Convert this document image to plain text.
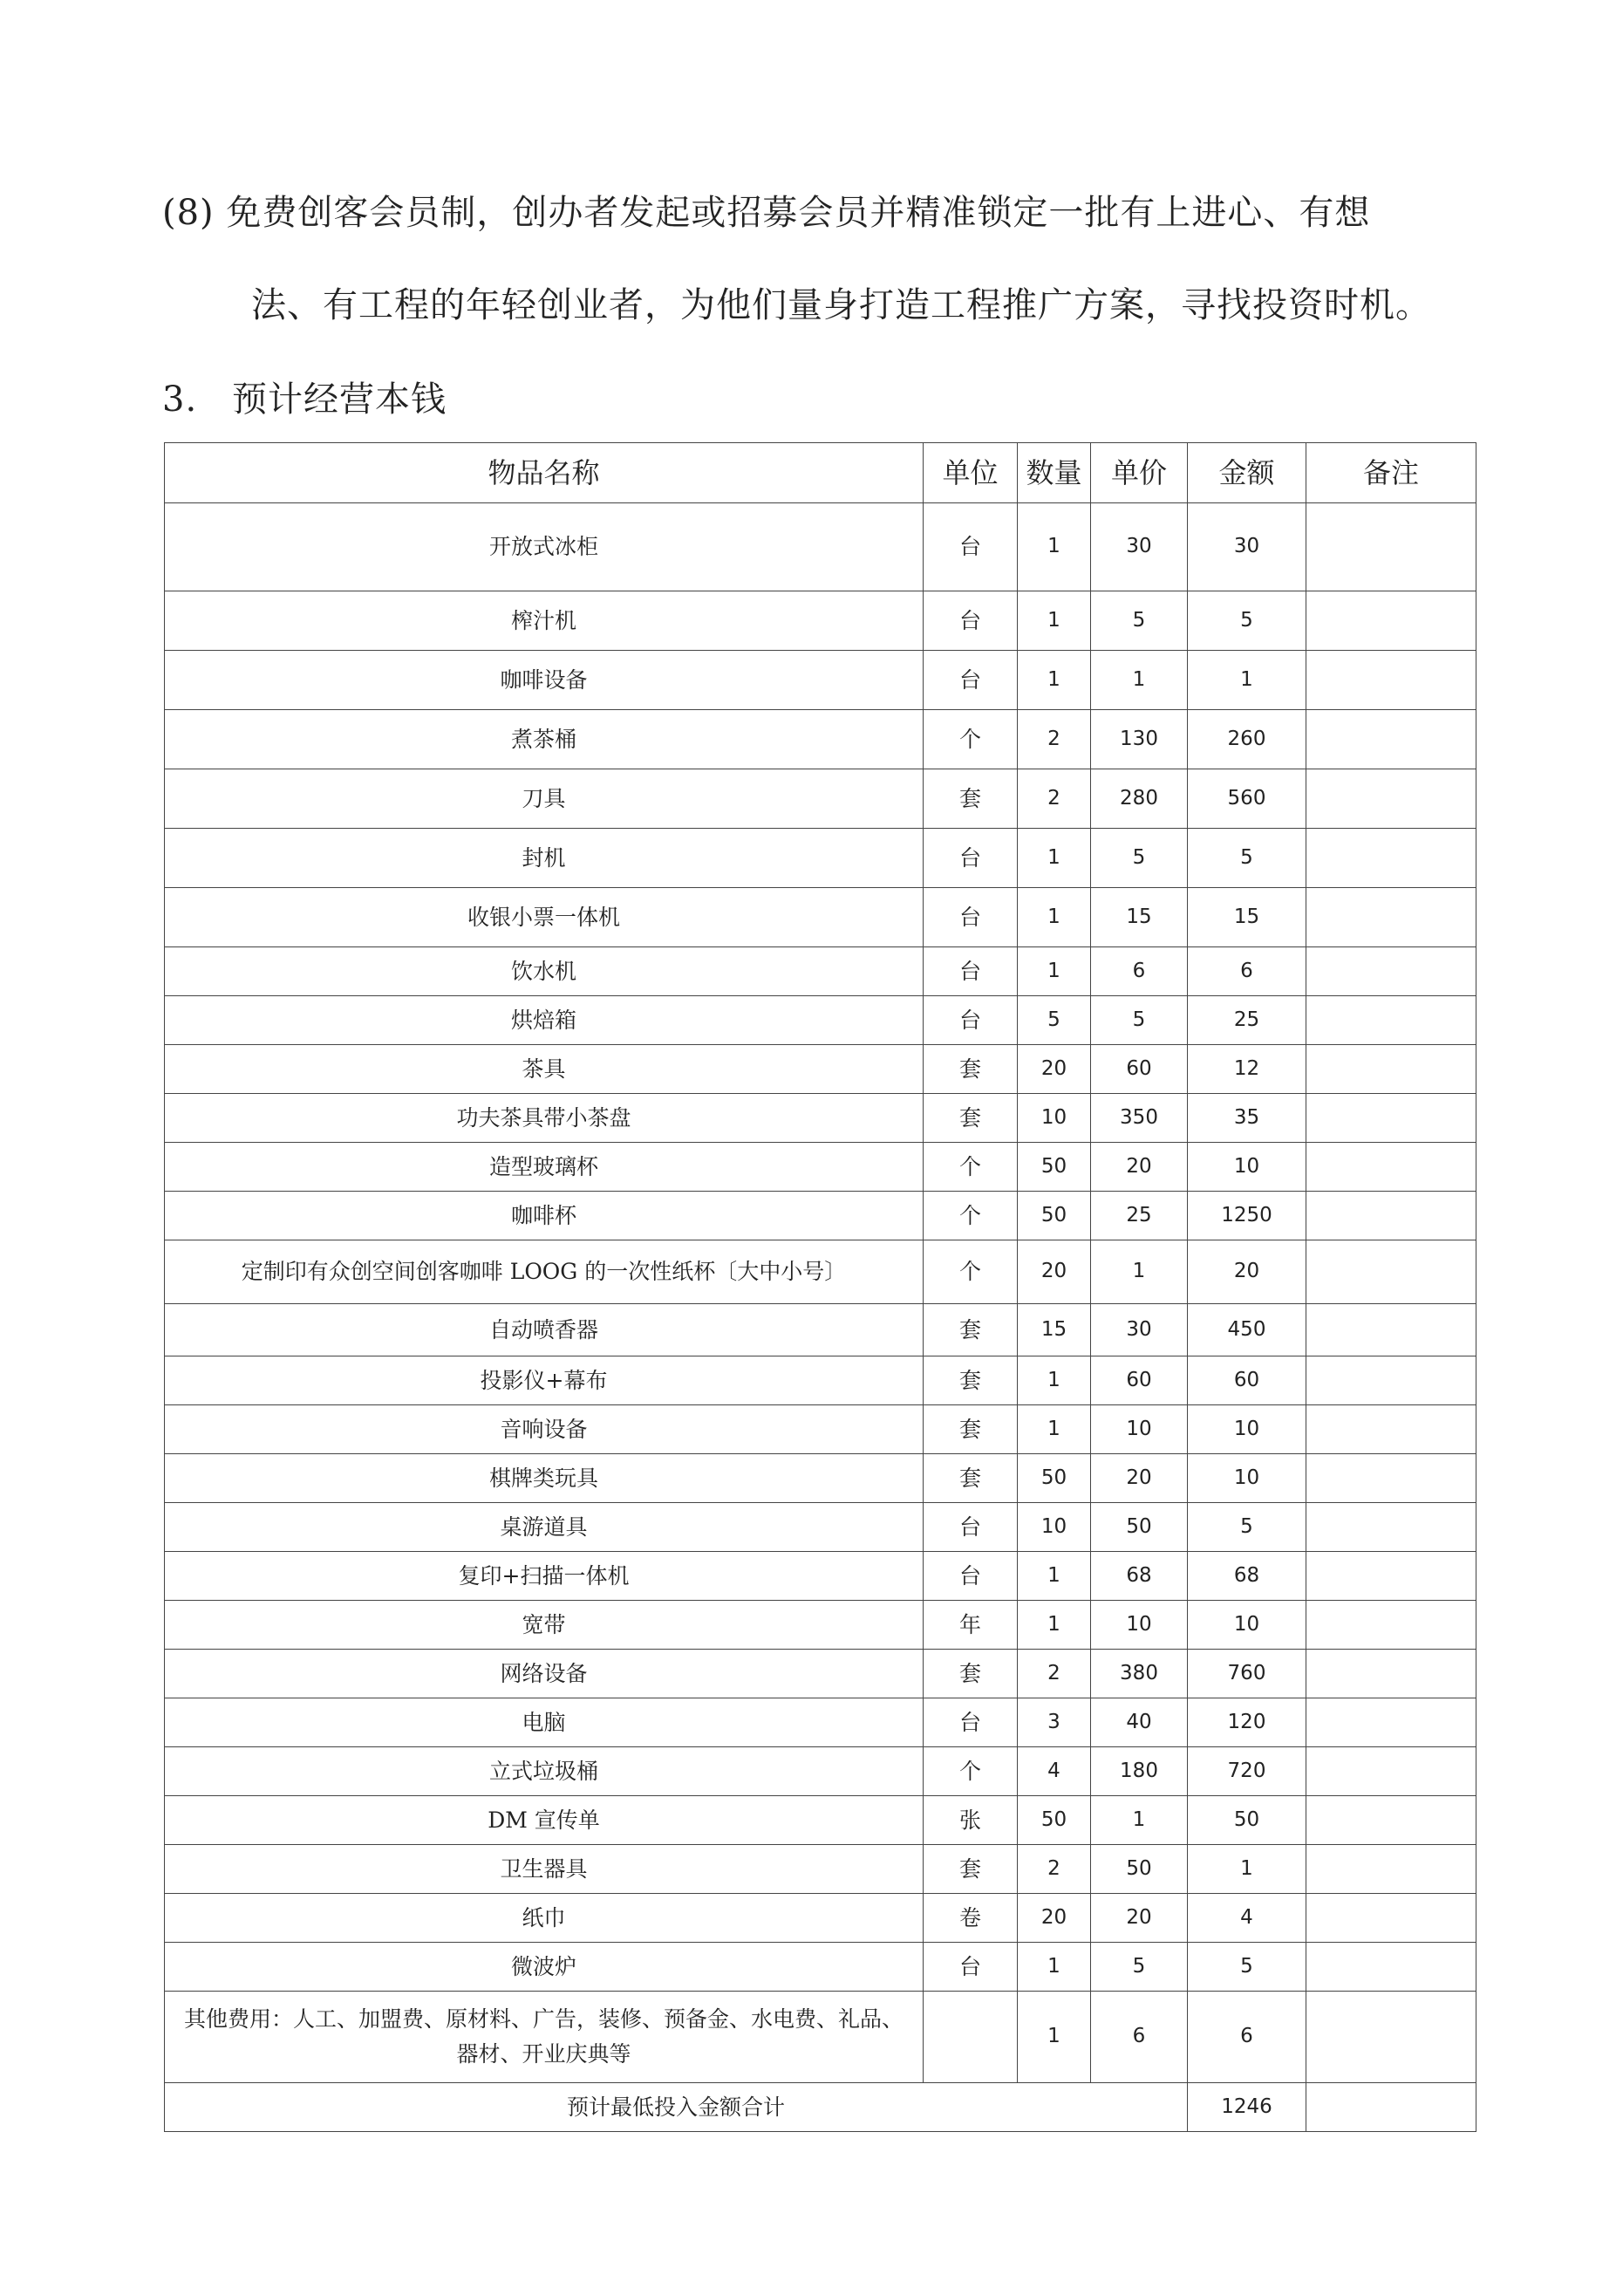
(8) 免费创客会员制，创办者发起或招募会员并精准锁定一批有上进心、有想
法、有工程的年轻创业者，为他们量身打造工程推广方案，寻找投资时机。
3. 预计经营本钱
物品名称	单位	数量	单价	金额	备注
开放式冰柜	台	1	30	30	
榨汁机	台	1	5	5	
咖啡设备	台	1	1	1	
煮茶桶	个	2	130	260	
刀具	套	2	280	560	
封机	台	1	5	5	
收银小票一体机	台	1	15	15	
饮水机	台	1	6	6	
烘焙箱	台	5	5	25	
茶具	套	20	60	12	
功夫茶具带小茶盘	套	10	350	35	
造型玻璃杯	个	50	20	10	
咖啡杯	个	50	25	1250	
定制印有众创空间创客咖啡 LOOG 的一次性纸杯〔大中小号〕	个	20	1	20	
自动喷香器	套	15	30	450	
投影仪+幕布	套	1	60	60	
音响设备	套	1	10	10	
棋牌类玩具	套	50	20	10	
桌游道具	台	10	50	5	
复印+扫描一体机	台	1	68	68	
宽带	年	1	10	10	
网络设备	套	2	380	760	
电脑	台	3	40	120	
立式垃圾桶	个	4	180	720	
DM 宣传单	张	50	1	50	
卫生器具	套	2	50	1	
纸巾	卷	20	20	4	
微波炉	台	1	5	5	
其他费用：人工、加盟费、原材料、广告，装修、预备金、水电费、礼品、器材、开业庆典等		1	6	6	
预计最低投入金额合计				1246	
